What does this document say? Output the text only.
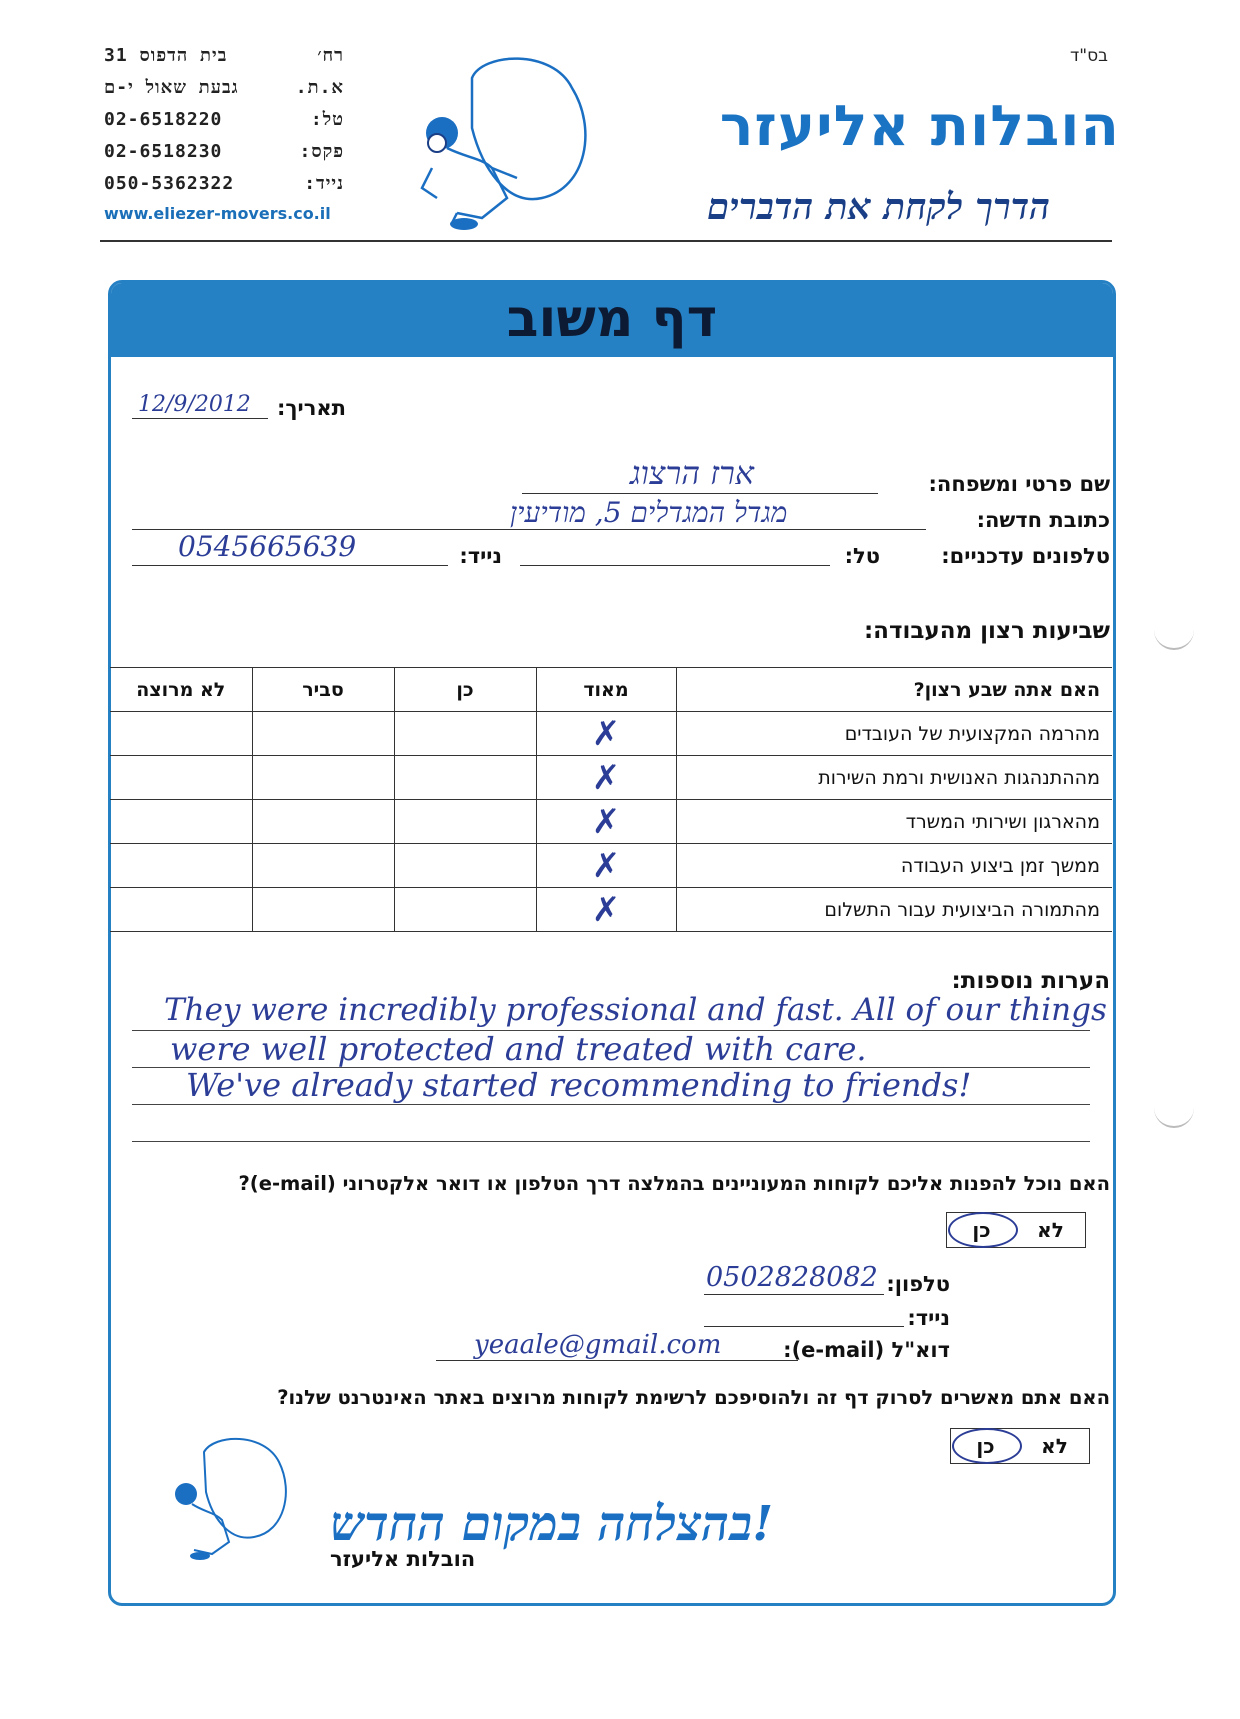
בס"ד
רח׳
בית הדפוס 31
א.ת.
גבעת שאול י-ם
טל:
02-6518220
פקס:
02-6518230
נייד:
050-5362322
www.eliezer-movers.co.il
הובלות אליעזר
הדרך לקחת את הדברים
דף משוב
תאריך:
12/9/2012
שם פרטי ומשפחה:
ארז הרצוג
כתובת חדשה:
מגדל המגדלים 5, מודיעין
טלפונים עדכניים:
טל:
נייד:
0545665639
שביעות רצון מהעבודה:
האם אתה שבע רצון?	מאוד	כן	סביר	לא מרוצה
מהרמה המקצועית של העובדים	✗			
מההתנהגות האנושית ורמת השירות	✗			
מהארגון ושירותי המשרד	✗			
ממשך זמן ביצוע העבודה	✗			
מהתמורה הביצועית עבור התשלום	✗			
הערות נוספות:
They were incredibly professional and fast. All of our things
were well protected and treated with care.
We've already started recommending to friends!
האם נוכל להפנות אליכם לקוחות המעוניינים בהמלצה דרך הטלפון או דואר אלקטרוני (e-mail)?
לא
כן
טלפון:
0502828082
נייד:
דוא"ל (e-mail):
yeaale@gmail.com
האם אתם מאשרים לסרוק דף זה ולהוסיפכם לרשימת לקוחות מרוצים באתר האינטרנט שלנו?
לא
כן
בהצלחה במקום החדש!
הובלות אליעזר
